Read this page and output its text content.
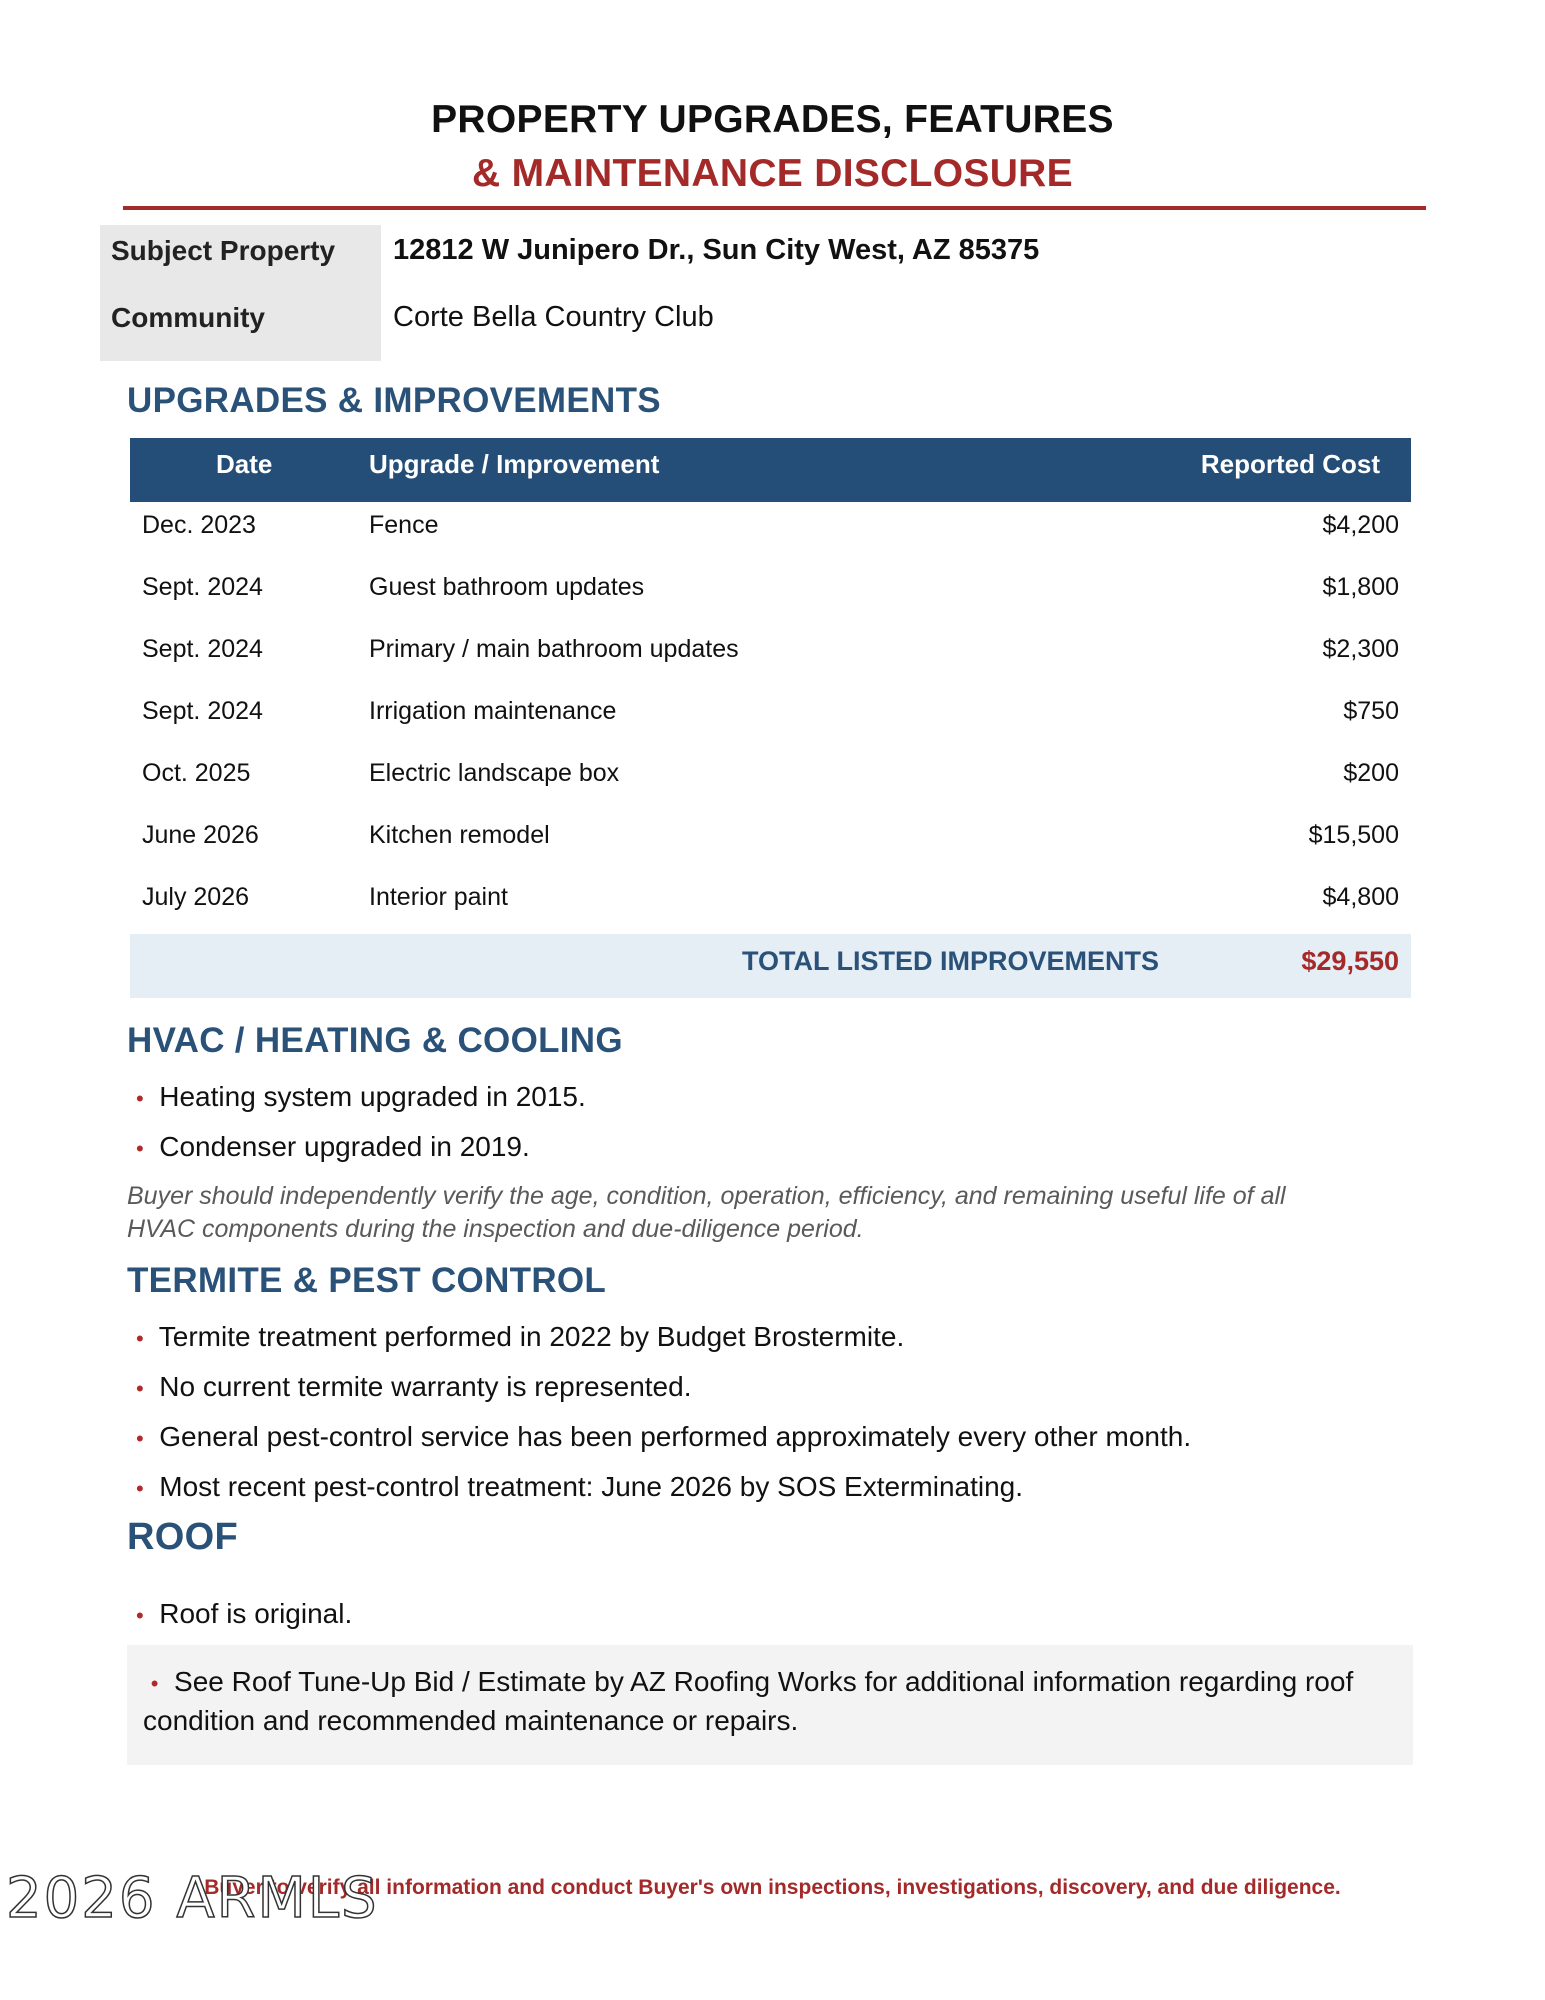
PROPERTY UPGRADES, FEATURES
& MAINTENANCE DISCLOSURE
Subject Property 12812 W Junipero Dr., Sun City West, AZ 85375
Community	Corte Bella Country Club
UPGRADES & IMPROVEMENTS
Date	Upgrade / Improvement	Reported Cost
Dec. 2023	Fence	$4,200
Sept. 2024	Guest bathroom updates	$1,800
Sept. 2024	Primary / main bathroom updates	$2,300
Sept. 2024	Irrigation maintenance	$750
Oct. 2025	Electric landscape box	$200
June 2026	Kitchen remodel	$15,500
July 2026	Interior paint	$4,800
TOTAL LISTED IMPROVEMENTS	$29,550
HVAC / HEATING & COOLING
• Heating system upgraded in 2015.
• Condenser upgraded in 2019.
Buyer should independently verify the age, condition, operation, efficiency, and remaining useful life of all
HVAC components during the inspection and due-diligence period.
TERMITE & PEST CONTROL
• Termite treatment performed in 2022 by Budget Brostermite.
• No current termite warranty is represented.
• General pest-control service has been performed approximately every other month.
• Most recent pest-control treatment: June 2026 by SOS Exterminating.
ROOF
• Roof is original.
• See Roof Tune-Up Bid / Estimate by AZ Roofing Works for additional information regarding roof
condition and recommended maintenance or repairs.
Buyer to verify all information and conduct Buyer's own inspections, investigations, discovery, and due diligence.
2026 ARMLS
